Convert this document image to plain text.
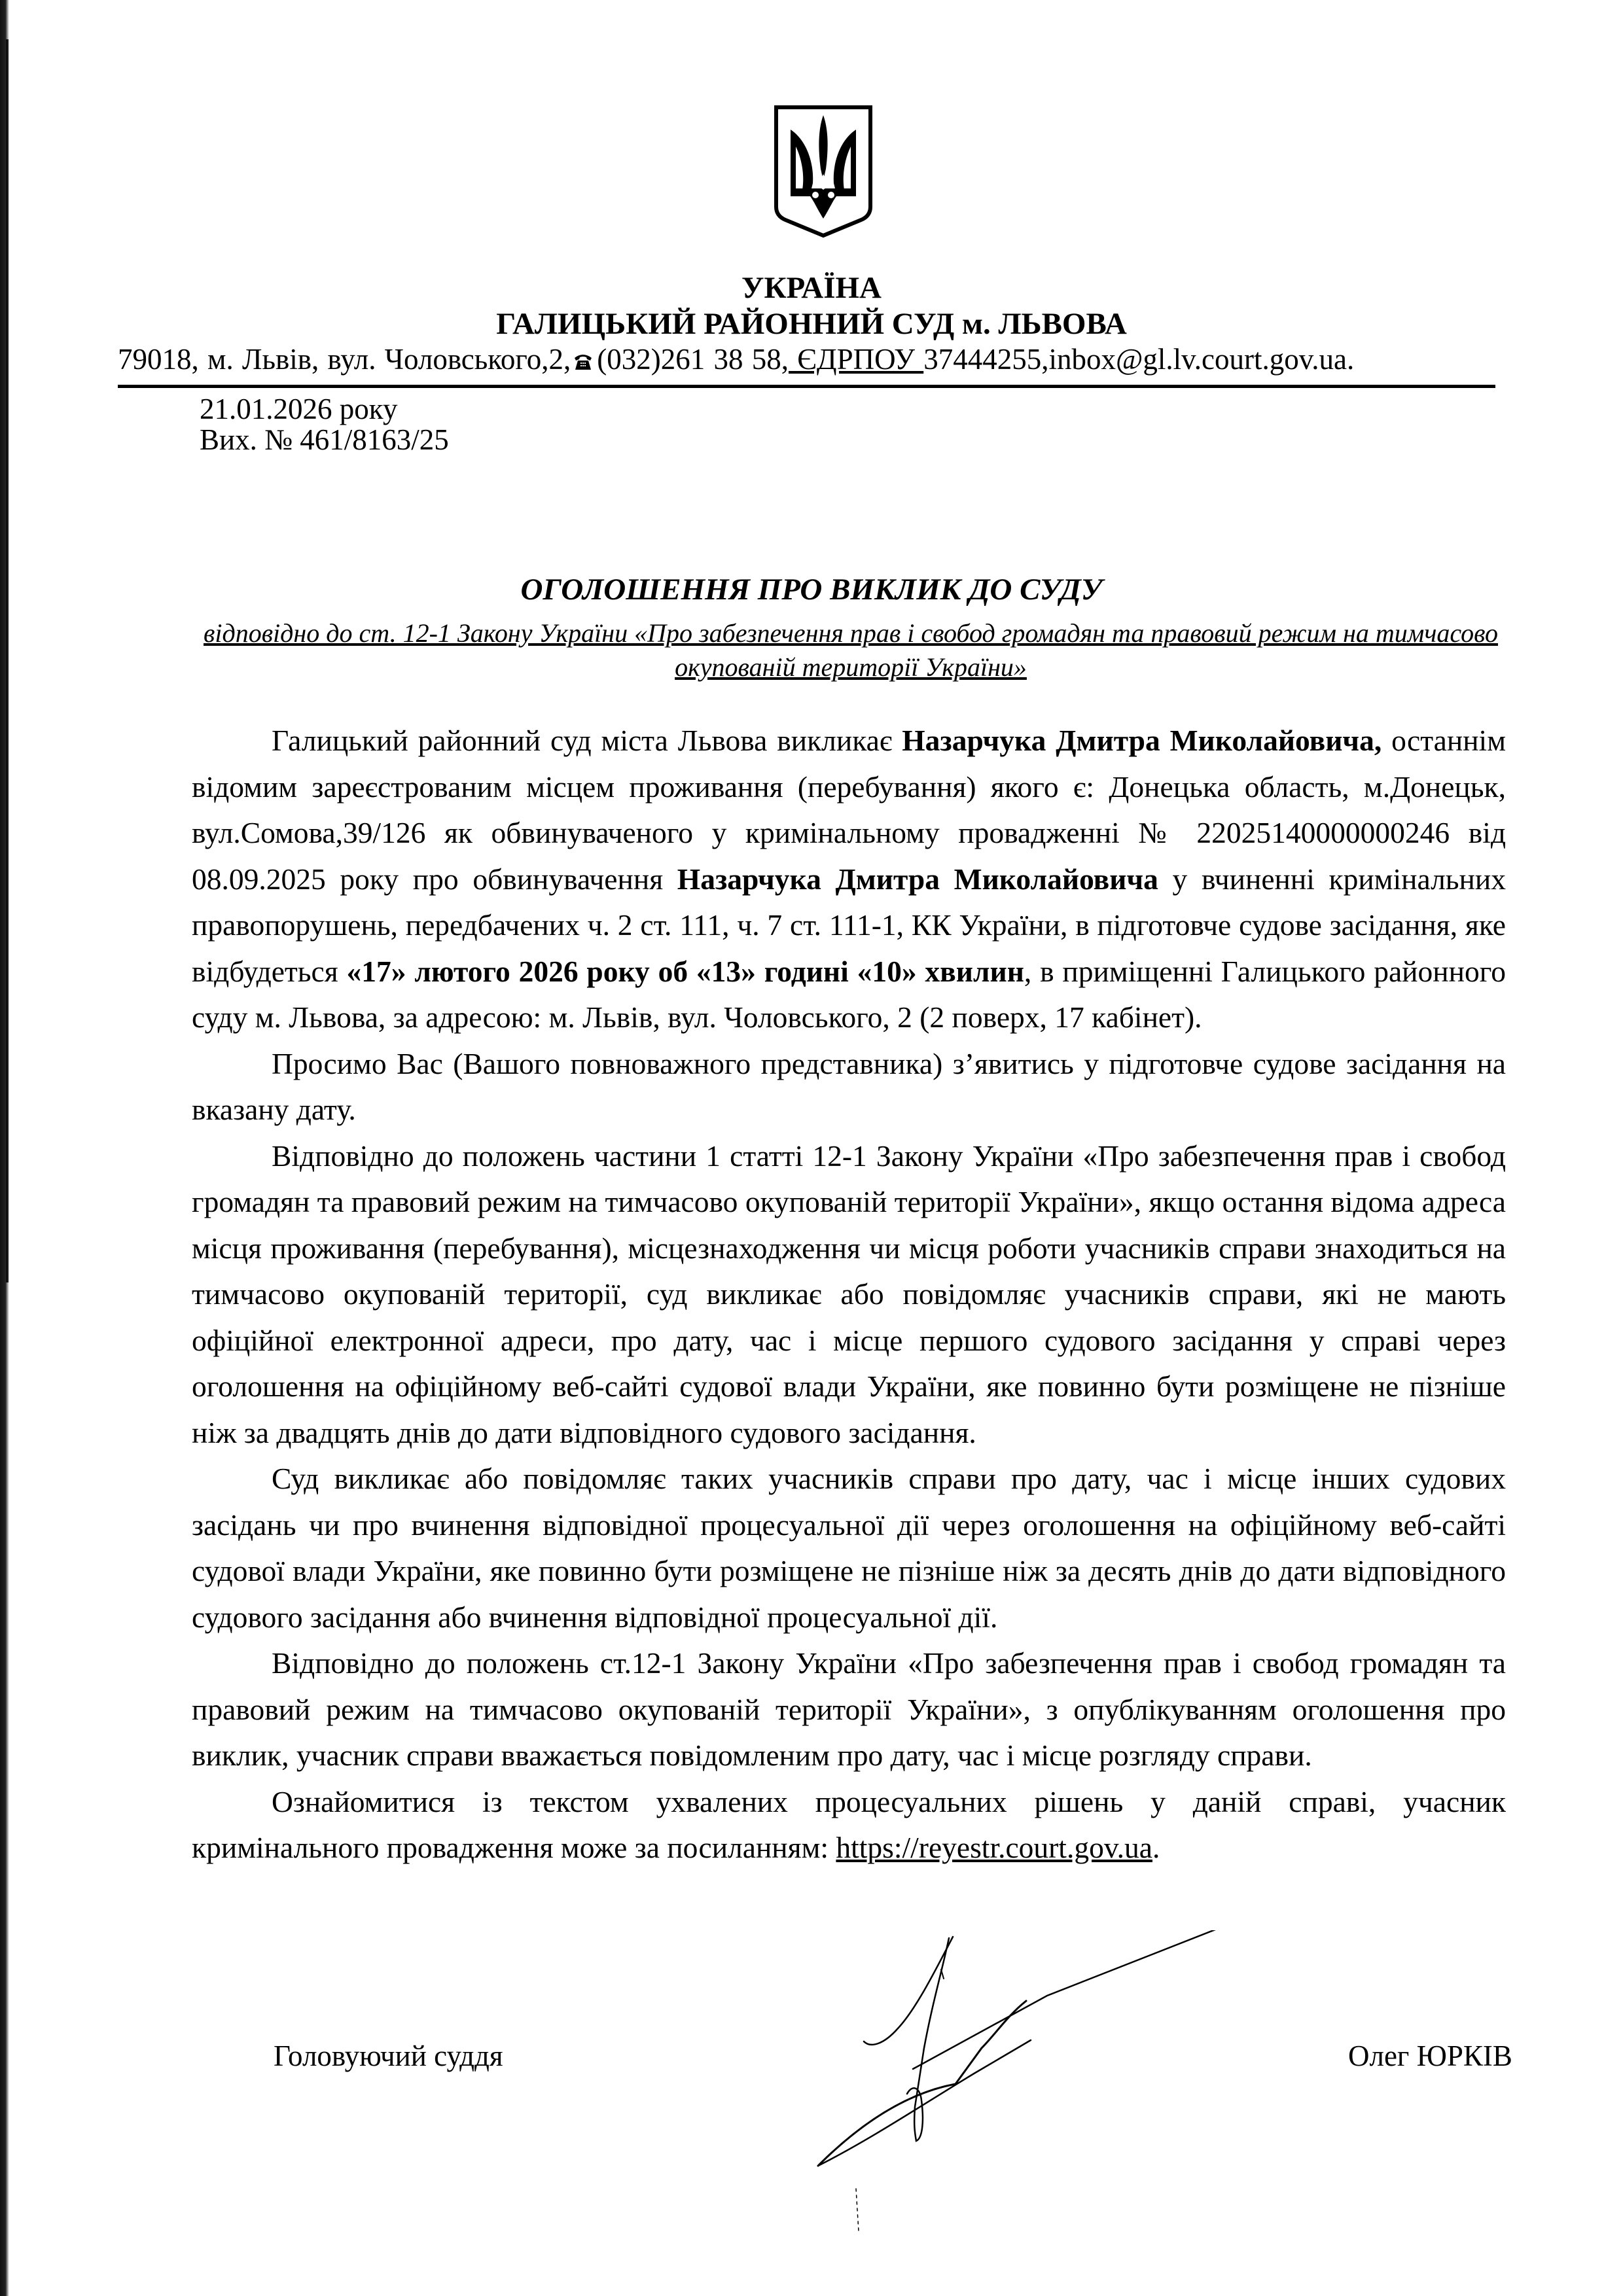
УКРАЇНА
ГАЛИЦЬКИЙ РАЙОННИЙ СУД м. ЛЬВОВА
79018, м. Львів, вул. Чоловського,2, (032)261 38 58, ЄДРПОУ 37444255,inbox@gl.lv.court.gov.ua.
21.01.2026 року
Вих. № 461/8163/25
ОГОЛОШЕННЯ ПРО ВИКЛИК ДО СУДУ
відповідно до ст. 12-1 Закону України «Про забезпечення прав і свобод громадян та правовий режим на тимчасово окупованій території України»

Галицький районний суд міста Львова викликає Назарчука Дмитра Миколайовича, останнім відомим зареєстрованим місцем проживання (перебування) якого є: Донецька область, м.Донецьк, вул.Сомова,39/126 як обвинуваченого у кримінальному провадженні № 22025140000000246 від 08.09.2025 року про обвинувачення Назарчука Дмитра Миколайовича у вчиненні кримінальних правопорушень, передбачених ч. 2 ст. 111, ч. 7 ст. 111-1, КК України, в підготовче судове засідання, яке відбудеться «17» лютого 2026 року об «13» годині «10» хвилин, в приміщенні Галицького районного суду м. Львова, за адресою: м. Львів, вул. Чоловського, 2 (2 поверх, 17 кабінет).

Просимо Вас (Вашого повноважного представника) з’явитись у підготовче судове засідання на вказану дату.

Відповідно до положень частини 1 статті 12-1 Закону України «Про забезпечення прав і свобод громадян та правовий режим на тимчасово окупованій території України», якщо остання відома адреса місця проживання (перебування), місцезнаходження чи місця роботи учасників справи знаходиться на тимчасово окупованій території, суд викликає або повідомляє учасників справи, які не мають офіційної електронної адреси, про дату, час і місце першого судового засідання у справі через оголошення на офіційному веб-сайті судової влади України, яке повинно бути розміщене не пізніше ніж за двадцять днів до дати відповідного судового засідання.

Суд викликає або повідомляє таких учасників справи про дату, час і місце інших судових засідань чи про вчинення відповідної процесуальної дії через оголошення на офіційному веб-сайті судової влади України, яке повинно бути розміщене не пізніше ніж за десять днів до дати відповідного судового засідання або вчинення відповідної процесуальної дії.

Відповідно до положень ст.12-1 Закону України «Про забезпечення прав і свобод громадян та правовий режим на тимчасово окупованій території України», з опублікуванням оголошення про виклик, учасник справи вважається повідомленим про дату, час і місце розгляду справи.

Ознайомитися із текстом ухвалених процесуальних рішень у даній справі, учасник кримінального провадження може за посиланням: https://reyestr.court.gov.ua.

Головуючий суддя	Олег ЮРКІВ
